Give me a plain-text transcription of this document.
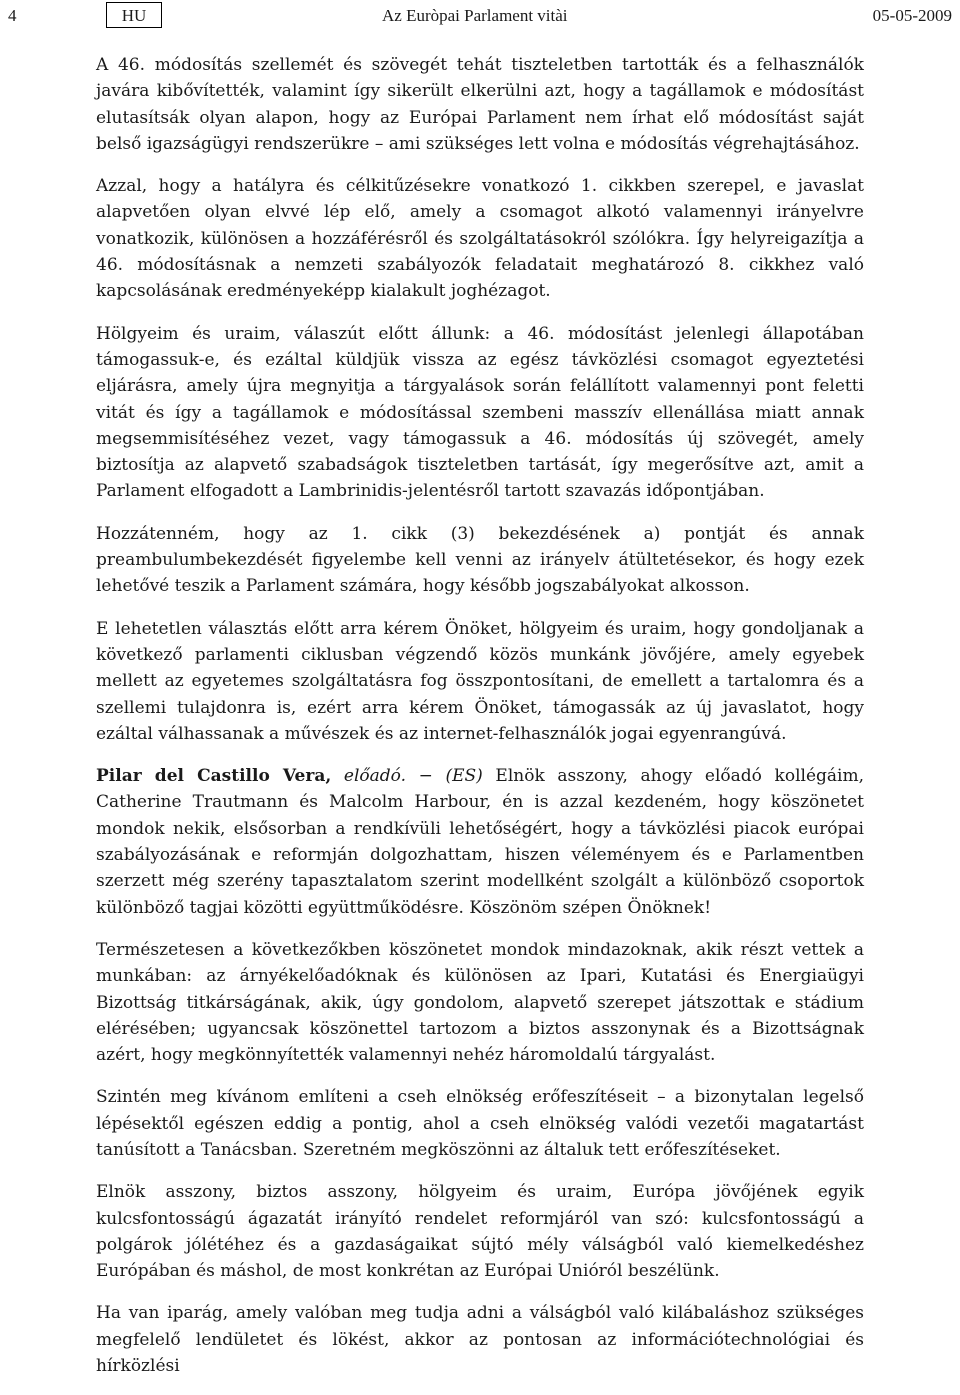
4	HU	Az Euròpai Parlament vitài	05-05-2009

A 46. módosítás szellemét és szövegét tehát tiszteletben tartották és a felhasználók javára kibővítették, valamint így sikerült elkerülni azt, hogy a tagállamok e módosítást elutasítsák olyan alapon, hogy az Európai Parlament nem írhat elő módosítást saját belső igazságügyi rendszerükre – ami szükséges lett volna e módosítás végrehajtásához.

Azzal, hogy a hatályra és célkitűzésekre vonatkozó 1. cikkben szerepel, e javaslat alapvetően olyan elvvé lép elő, amely a csomagot alkotó valamennyi irányelvre vonatkozik, különösen a hozzáférésről és szolgáltatásokról szólókra. Így helyreigazítja a 46. módosításnak a nemzeti szabályozók feladatait meghatározó 8. cikkhez való kapcsolásának eredményeképp kialakult joghézagot.

Hölgyeim és uraim, válaszút előtt állunk: a 46. módosítást jelenlegi állapotában támogassuk-e, és ezáltal küldjük vissza az egész távközlési csomagot egyeztetési eljárásra, amely újra megnyitja a tárgyalások során felállított valamennyi pont feletti vitát és így a tagállamok e módosítással szembeni masszív ellenállása miatt annak megsemmisítéséhez vezet, vagy támogassuk a 46. módosítás új szövegét, amely biztosítja az alapvető szabadságok tiszteletben tartását, így megerősítve azt, amit a Parlament elfogadott a Lambrinidis-jelentésről tartott szavazás időpontjában.

Hozzátenném, hogy az 1. cikk (3) bekezdésének a) pontját és annak preambulumbekezdését figyelembe kell venni az irányelv átültetésekor, és hogy ezek lehetővé teszik a Parlament számára, hogy később jogszabályokat alkosson.

E lehetetlen választás előtt arra kérem Önöket, hölgyeim és uraim, hogy gondoljanak a következő parlamenti ciklusban végzendő közös munkánk jövőjére, amely egyebek mellett az egyetemes szolgáltatásra fog összpontosítani, de emellett a tartalomra és a szellemi tulajdonra is, ezért arra kérem Önöket, támogassák az új javaslatot, hogy ezáltal válhassanak a művészek és az internet-felhasználók jogai egyenrangúvá.

Pilar del Castillo Vera, előadó. − (ES) Elnök asszony, ahogy előadó kollégáim, Catherine Trautmann és Malcolm Harbour, én is azzal kezdeném, hogy köszönetet mondok nekik, elsősorban a rendkívüli lehetőségért, hogy a távközlési piacok európai szabályozásának e reformján dolgozhattam, hiszen véleményem és e Parlamentben szerzett még szerény tapasztalatom szerint modellként szolgált a különböző csoportok különböző tagjai közötti együttműködésre. Köszönöm szépen Önöknek!

Természetesen a következőkben köszönetet mondok mindazoknak, akik részt vettek a munkában: az árnyékelőadóknak és különösen az Ipari, Kutatási és Energiaügyi Bizottság titkárságának, akik, úgy gondolom, alapvető szerepet játszottak e stádium elérésében; ugyancsak köszönettel tartozom a biztos asszonynak és a Bizottságnak azért, hogy megkönnyítették valamennyi nehéz háromoldalú tárgyalást.

Szintén meg kívánom említeni a cseh elnökség erőfeszítéseit – a bizonytalan legelső lépésektől egészen eddig a pontig, ahol a cseh elnökség valódi vezetői magatartást tanúsított a Tanácsban. Szeretném megköszönni az általuk tett erőfeszítéseket.

Elnök asszony, biztos asszony, hölgyeim és uraim, Európa jövőjének egyik kulcsfontosságú ágazatát irányító rendelet reformjáról van szó: kulcsfontosságú a polgárok jólétéhez és a gazdaságaikat sújtó mély válságból való kiemelkedéshez Európában és máshol, de most konkrétan az Európai Unióról beszélünk.

Ha van iparág, amely valóban meg tudja adni a válságból való kilábaláshoz szükséges megfelelő lendületet és lökést, akkor az pontosan az információtechnológiai és hírközlési
